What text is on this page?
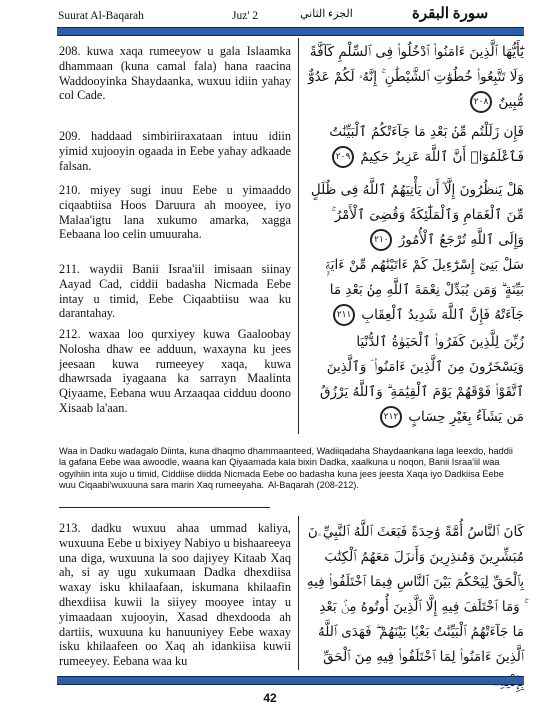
Suurat Al-Baqarah	Juz' 2	الجزء الثاني	سورة البقرة
208. kuwa xaqa rumeeyow u gala Islaamka dhammaan (kuna camal fala) hana raacina Waddooyinka Shaydaanka, wuxuu idiin yahay col Cade.
209. haddaad simbiriiraxataan intuu idiin yimid xujooyin ogaada in Eebe yahay adkaade falsan.
210. miyey sugi inuu Eebe u yimaaddo ciqaabtiisa Hoos Daruura ah mooyee, iyo Malaa'igtu lana xukumo amarka, xagga Eebaana loo celin umuuraha.
211. waydii Banii Israa'iil imisaan siinay Aayad Cad, ciddii badasha Nicmada Eebe intay u timid, Eebe Ciqaabtiisu waa ku darantahay.
212. waxaa loo qurxiyey kuwa Gaaloobay Nolosha dhaw ee adduun, waxayna ku jees jeesaan kuwa rumeeyey xaqa, kuwa dhawrsada iyagaana ka sarrayn Maalinta Qiyaame, Eebana wuu Arzaaqaa cidduu doono Xisaab la'aan.
يَٰٓأَيُّهَا ٱلَّذِينَ ءَامَنُوا۟ ٱدْخُلُوا۟ فِى ٱلسِّلْمِ كَآفَّةً وَلَا تَتَّبِعُوا۟ خُطُوَٰتِ ٱلشَّيْطَٰنِ ۚ إِنَّهُۥ لَكُمْ عَدُوٌّ مُّبِينٌ ٢٠٨
فَإِن زَلَلْتُم مِّنۢ بَعْدِ مَا جَآءَتْكُمُ ٱلْبَيِّنَٰتُ فَٱعْلَمُوٓا۟ أَنَّ ٱللَّهَ عَزِيزٌ حَكِيمٌ ٢٠٩
هَلْ يَنظُرُونَ إِلَّآ أَن يَأْتِيَهُمُ ٱللَّهُ فِى ظُلَلٍ مِّنَ ٱلْغَمَامِ وَٱلْمَلَٰٓئِكَةُ وَقُضِىَ ٱلْأَمْرُ ۚ وَإِلَى ٱللَّهِ تُرْجَعُ ٱلْأُمُورُ ٢١٠
سَلْ بَنِىٓ إِسْرَٰٓءِيلَ كَمْ ءَاتَيْنَٰهُم مِّنْ ءَايَةٍۭ بَيِّنَةٍ ۗ وَمَن يُبَدِّلْ نِعْمَةَ ٱللَّهِ مِنۢ بَعْدِ مَا جَآءَتْهُ فَإِنَّ ٱللَّهَ شَدِيدُ ٱلْعِقَابِ ٢١١
زُيِّنَ لِلَّذِينَ كَفَرُوا۟ ٱلْحَيَوٰةُ ٱلدُّنْيَا وَيَسْخَرُونَ مِنَ ٱلَّذِينَ ءَامَنُوا۟ ۘ وَٱلَّذِينَ ٱتَّقَوْا۟ فَوْقَهُمْ يَوْمَ ٱلْقِيَٰمَةِ ۗ وَٱللَّهُ يَرْزُقُ مَن يَشَآءُ بِغَيْرِ حِسَابٍ ٢١٢
Waa in Dadku wadagalo Diinta, kuna dhaqmo dhammaanteed, Wadiiqadaha Shaydaankana laga leexdo, haddii la gafana Eebe waa awoodle, waana kan Qiyaamada kala bixin Dadka, xaalkuna u noqon, Banii Israa'iil waa ogyihiin inta xujo u timid, Ciddiise diidda Nicmada Eebe oo badasha kuna jees jeesta Xaqa iyo Dadkiisa Eebe wuu Ciqaabi'wuxuuna sara marin Xaq rumeeyaha. Al-Baqarah (208-212).
213. dadku wuxuu ahaa ummad kaliya, wuxuuna Eebe u bixiyey Nabiyo u bishaareeya una diga, wuxuuna la soo dajiyey Kitaab Xaq ah, si ay ugu xukumaan Dadka dhexdiisa waxay isku khilaafaan, iskumana khilaafin dhexdiisa kuwii la siiyey mooyee intay u yimaadaan xujooyin, Xasad dhexdooda ah dartiis, wuxuuna ku hanuuniyey Eebe waxay isku khilaafeen oo Xaq ah idankiisa kuwii rumeeyey. Eebana waa ku
كَانَ ٱلنَّاسُ أُمَّةً وَٰحِدَةً فَبَعَثَ ٱللَّهُ ٱلنَّبِيِّۦنَ مُبَشِّرِينَ وَمُنذِرِينَ وَأَنزَلَ مَعَهُمُ ٱلْكِتَٰبَ بِٱلْحَقِّ لِيَحْكُمَ بَيْنَ ٱلنَّاسِ فِيمَا ٱخْتَلَفُوا۟ فِيهِ ۚ وَمَا ٱخْتَلَفَ فِيهِ إِلَّا ٱلَّذِينَ أُوتُوهُ مِنۢ بَعْدِ مَا جَآءَتْهُمُ ٱلْبَيِّنَٰتُ بَغْيًۢا بَيْنَهُمْ ۖ فَهَدَى ٱللَّهُ ٱلَّذِينَ ءَامَنُوا۟ لِمَا ٱخْتَلَفُوا۟ فِيهِ مِنَ ٱلْحَقِّ
42
